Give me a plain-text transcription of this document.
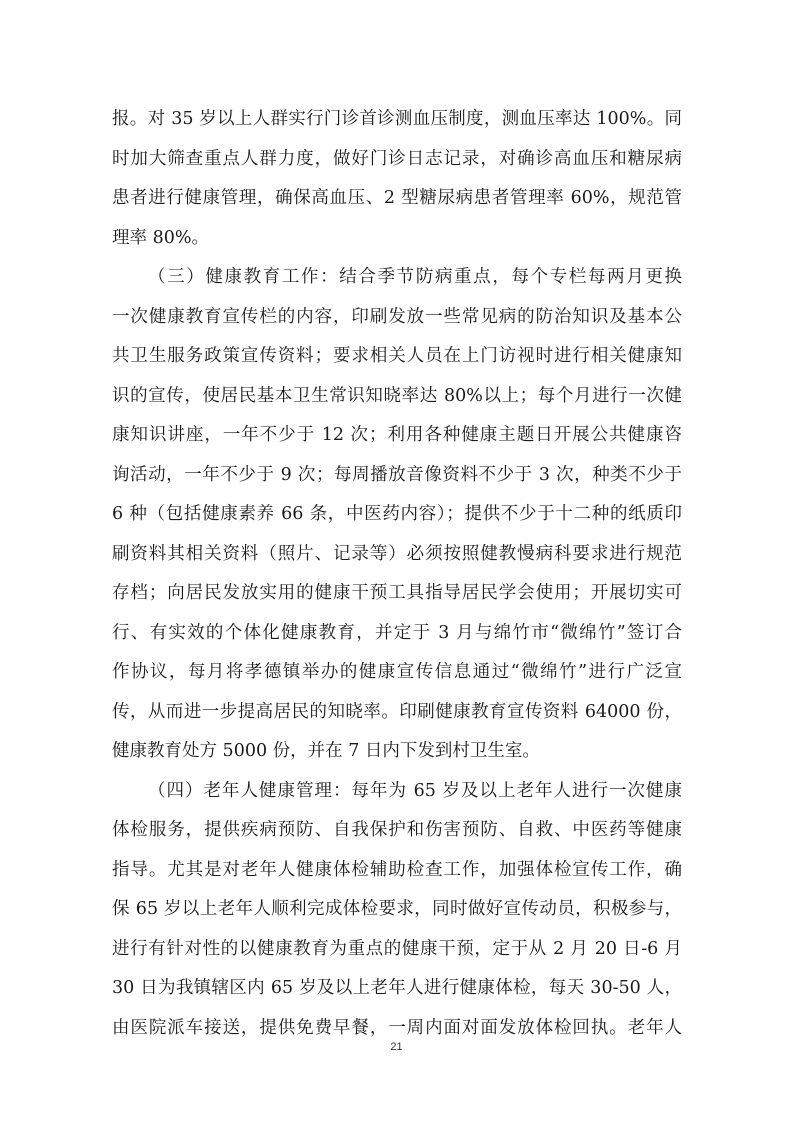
报。对 35 岁以上人群实行门诊首诊测血压制度，测血压率达 100%。同
时加大筛查重点人群力度，做好门诊日志记录，对确诊高血压和糖尿病
患者进行健康管理，确保高血压、2 型糖尿病患者管理率 60%，规范管
理率 80%。
（三）健康教育工作：结合季节防病重点，每个专栏每两月更换
一次健康教育宣传栏的内容，印刷发放一些常见病的防治知识及基本公
共卫生服务政策宣传资料；要求相关人员在上门访视时进行相关健康知
识的宣传，使居民基本卫生常识知晓率达 80%以上；每个月进行一次健
康知识讲座，一年不少于 12 次；利用各种健康主题日开展公共健康咨
询活动，一年不少于 9 次；每周播放音像资料不少于 3 次，种类不少于
6 种（包括健康素养 66 条，中医药内容）；提供不少于十二种的纸质印
刷资料其相关资料（照片、记录等）必须按照健教慢病科要求进行规范
存档；向居民发放实用的健康干预工具指导居民学会使用；开展切实可
行、有实效的个体化健康教育，并定于 3 月与绵竹市“微绵竹”签订合
作协议，每月将孝德镇举办的健康宣传信息通过“微绵竹”进行广泛宣
传，从而进一步提高居民的知晓率。印刷健康教育宣传资料 64000 份，
健康教育处方 5000 份，并在 7 日内下发到村卫生室。
（四）老年人健康管理：每年为 65 岁及以上老年人进行一次健康
体检服务，提供疾病预防、自我保护和伤害预防、自救、中医药等健康
指导。尤其是对老年人健康体检辅助检查工作，加强体检宣传工作，确
保 65 岁以上老年人顺利完成体检要求，同时做好宣传动员，积极参与，
进行有针对性的以健康教育为重点的健康干预，定于从 2 月 20 日-6 月
30 日为我镇辖区内 65 岁及以上老年人进行健康体检，每天 30-50 人，
由医院派车接送，提供免费早餐，一周内面对面发放体检回执。老年人
21
